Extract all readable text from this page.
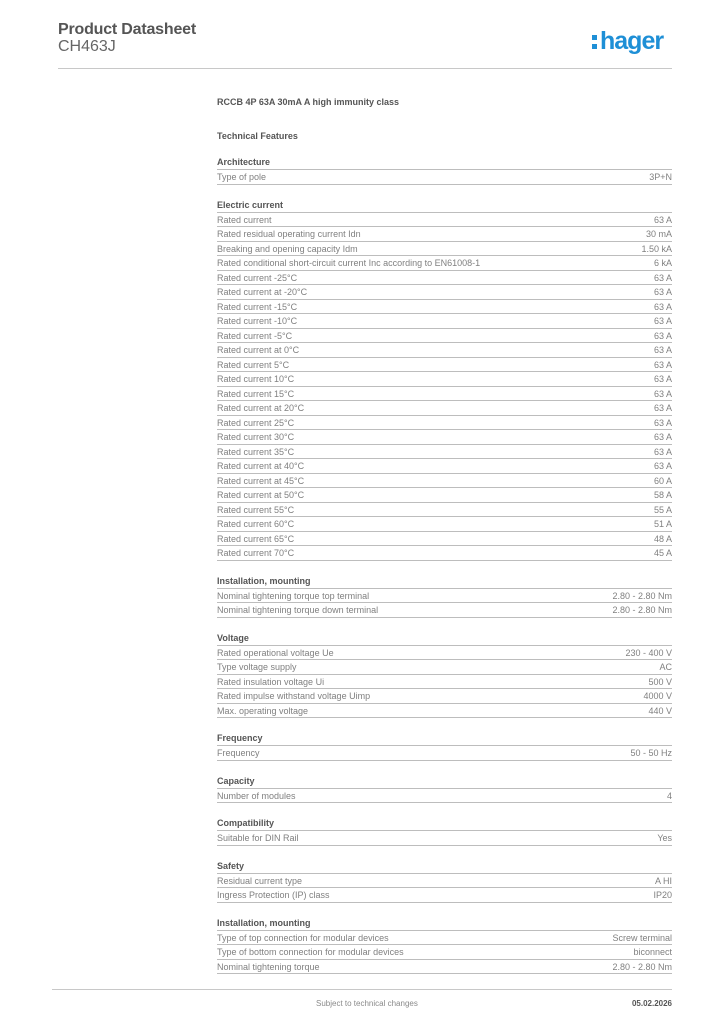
Product Datasheet
CH463J	hager
RCCB 4P 63A 30mA A high immunity class
Technical Features
Architecture
Type of pole	3P+N
Electric current
Rated current	63 A
Rated residual operating current Idn	30 mA
Breaking and opening capacity Idm	1.50 kA
Rated conditional short-circuit current Inc according to EN61008-1	6 kA
Rated current -25°C	63 A
Rated current at -20°C	63 A
Rated current -15°C	63 A
Rated current -10°C	63 A
Rated current -5°C	63 A
Rated current at 0°C	63 A
Rated current 5°C	63 A
Rated current 10°C	63 A
Rated current 15°C	63 A
Rated current at 20°C	63 A
Rated current 25°C	63 A
Rated current 30°C	63 A
Rated current 35°C	63 A
Rated current at 40°C	63 A
Rated current at 45°C	60 A
Rated current at 50°C	58 A
Rated current 55°C	55 A
Rated current 60°C	51 A
Rated current 65°C	48 A
Rated current 70°C	45 A
Installation, mounting
Nominal tightening torque top terminal	2.80 - 2.80 Nm
Nominal tightening torque down terminal	2.80 - 2.80 Nm
Voltage
Rated operational voltage Ue	230 - 400 V
Type voltage supply	AC
Rated insulation voltage Ui	500 V
Rated impulse withstand voltage Uimp	4000 V
Max. operating voltage	440 V
Frequency
Frequency	50 - 50 Hz
Capacity
Number of modules	4
Compatibility
Suitable for DIN Rail	Yes
Safety
Residual current type	A HI
Ingress Protection (IP) class	IP20
Installation, mounting
Type of top connection for modular devices	Screw terminal
Type of bottom connection for modular devices	biconnect
Nominal tightening torque	2.80 - 2.80 Nm
Subject to technical changes	05.02.2026
